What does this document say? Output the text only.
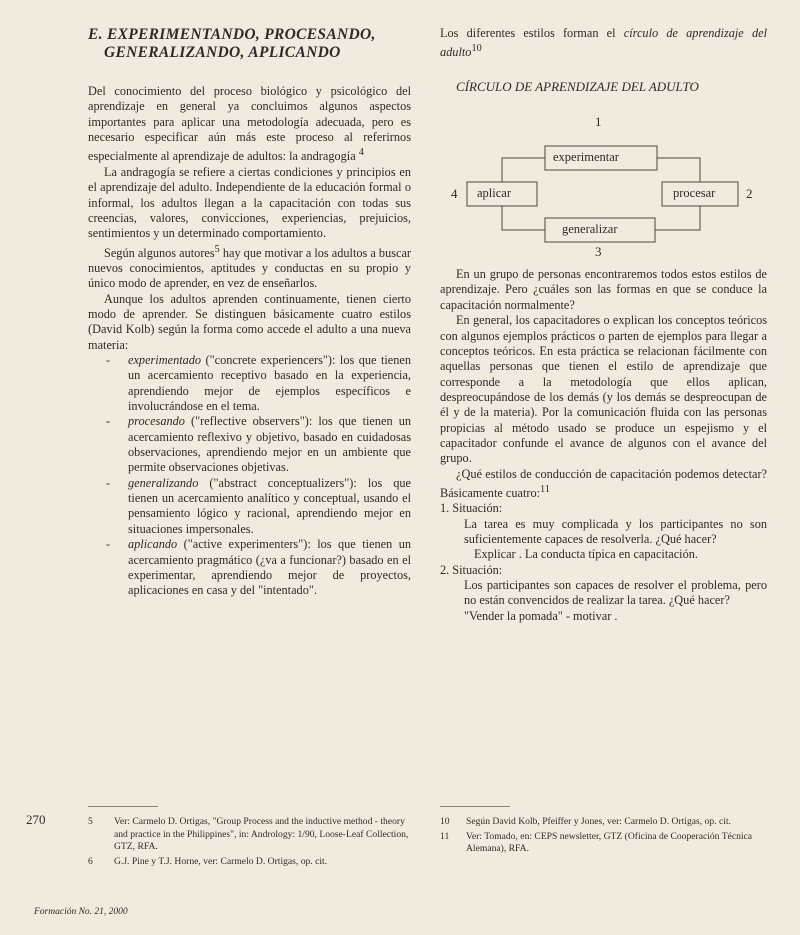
E. EXPERIMENTANDO, PROCESANDO,
GENERALIZANDO, APLICANDO

Del conocimiento del proceso biológico y psicológico del aprendizaje en general ya concluimos algunos aspectos importantes para aplicar una metodología adecuada, pero es necesario especificar aún más este proceso al referirnos especialmente al aprendizaje de adultos: la andragogía $^4$

La andragogía se refiere a ciertas condiciones y principios en el aprendizaje del adulto. Independiente de la educación formal o informal, los adultos llegan a la capacitación con todas sus creencias, valores, convicciones, experiencias, prejuicios, sentimientos y un determinado comportamiento.

Según algunos autores$^5$ hay que motivar a los adultos a buscar nuevos conocimientos, aptitudes y conductas en su propio y único modo de aprender, en vez de enseñarlos.

Aunque los adultos aprenden continuamente, tienen cierto modo de aprender. Se distinguen básicamente cuatro estilos (David Kolb) según la forma como accede el adulto a una nueva materia:

- experimentado ("concrete experiencers"): los que tienen un acercamiento receptivo basado en la experiencia, aprendiendo mejor de ejemplos específicos e involucrándose en el tema.
- procesando ("reflective observers"): los que tienen un acercamiento reflexivo y objetivo, basado en cuidadosas observaciones, aprendiendo mejor en un ambiente que permite observaciones objetivas.
- generalizando ("abstract conceptualizers"): los que tienen un acercamiento analítico y conceptual, usando el pensamiento lógico y racional, aprendiendo mejor en situaciones impersonales.
- aplicando ("active experimenters"): los que tienen un acercamiento pragmático (¿va a funcionar?) basado en el experimentar, aprendiendo mejor de proyectos, aplicaciones en casa y del "intentado".

Los diferentes estilos forman el círculo de aprendizaje del adulto$^{10}$

CÍRCULO DE APRENDIZAJE DEL ADULTO
1
experimentar
4 aplicar	procesar 2
generalizar
3

En un grupo de personas encontraremos todos estos estilos de aprendizaje. Pero ¿cuáles son las formas en que se conduce la capacitación normalmente?

En general, los capacitadores o explican los conceptos teóricos con algunos ejemplos prácticos o parten de ejemplos para llegar a conceptos teóricos. En esta práctica se relacionan fácilmente con aquellas personas que tienen el estilo de aprendizaje que corresponde a la metodología que ellos aplican, despreocupándose de los demás (y los demás se despreocupan de él y de la materia). Por la comunicación fluida con las personas propicias al método usado se produce un espejismo y el capacitador confunde el avance de algunos con el avance del grupo.

¿Qué estilos de conducción de capacitación podemos detectar? Básicamente cuatro:$^{11}$

1. Situación:

La tarea es muy complicada y los participantes no son suficientemente capaces de resolverla. ¿Qué hacer?

Explicar . La conducta típica en capacitación.

2. Situación:

Los participantes son capaces de resolver el problema, pero no están convencidos de realizar la tarea. ¿Qué hacer?

"Vender la pomada" - motivar .

270	5 Ver: Carmelo D. Ortigas, "Group Process and the inductive method - theory and practice in the Philippines", in: Andrology: 1/90, Loose-Leaf Collection, GTZ, RFA.
6 G.J. Pine y T.J. Horne, ver: Carmelo D. Ortigas, op. cit.
10 Según David Kolb, Pfeiffer y Jones, ver: Carmelo D. Ortigas, op. cit.
11 Ver: Tomado, en: CEPS newsletter, GTZ (Oficina de Cooperación Técnica Alemana), RFA.
Formación No. 21, 2000
